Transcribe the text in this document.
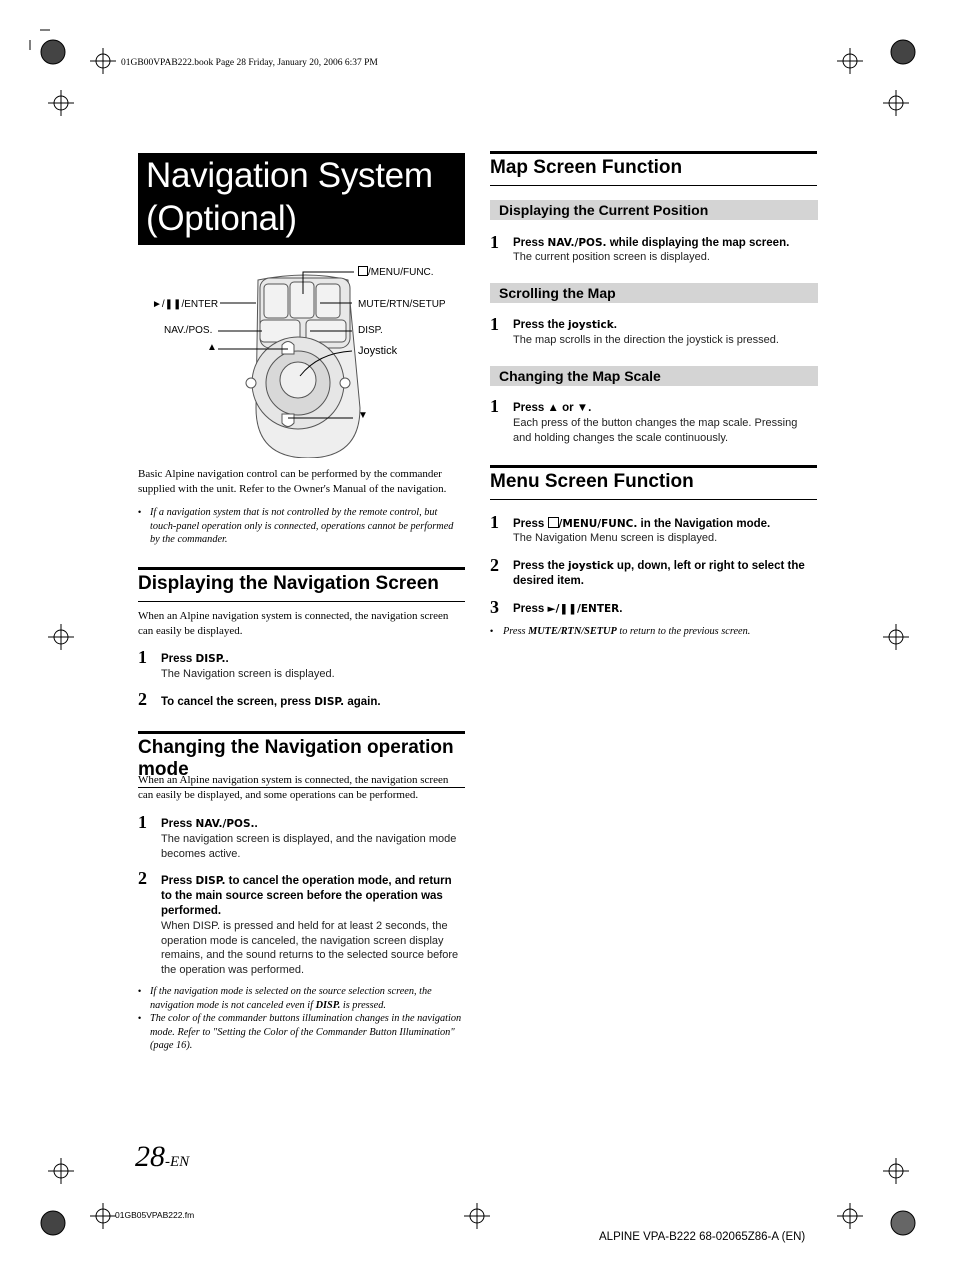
01GB00VPAB222.book Page 28 Friday, January 20, 2006 6:37 PM
Navigation System
(Optional)
/MENU/FUNC.
►/❚❚/ENTER	MUTE/RTN/SETUP
NAV./POS.	DISP.
▲	Joystick
▼
Basic Alpine navigation control can be performed by the commander supplied with the unit. Refer to the Owner's Manual of the navigation.
• If a navigation system that is not controlled by the remote control, but touch-panel operation only is connected, operations cannot be performed by the commander.
Displaying the Navigation Screen
When an Alpine navigation system is connected, the navigation screen can easily be displayed.
1 Press DISP..
The Navigation screen is displayed.
2 To cancel the screen, press DISP. again.
Changing the Navigation operation mode
When an Alpine navigation system is connected, the navigation screen can easily be displayed, and some operations can be performed.
1 Press NAV./POS..
The navigation screen is displayed, and the navigation mode becomes active.
2 Press DISP. to cancel the operation mode, and return to the main source screen before the operation was performed.
When DISP. is pressed and held for at least 2 seconds, the operation mode is canceled, the navigation screen display remains, and the sound returns to the selected source before the operation was performed.
• If the navigation mode is selected on the source selection screen, the navigation mode is not canceled even if DISP. is pressed.
• The color of the commander buttons illumination changes in the navigation mode. Refer to "Setting the Color of the Commander Button Illumination" (page 16).
Map Screen Function
Displaying the Current Position
1 Press NAV./POS. while displaying the map screen.
The current position screen is displayed.
Scrolling the Map
1 Press the joystick.
The map scrolls in the direction the joystick is pressed.
Changing the Map Scale
1 Press ▲ or ▼.
Each press of the button changes the map scale. Pressing and holding changes the scale continuously.
Menu Screen Function
1 Press /MENU/FUNC. in the Navigation mode.
The Navigation Menu screen is displayed.
2 Press the joystick up, down, left or right to select the desired item.
3 Press ►/❚❚/ENTER.
• Press MUTE/RTN/SETUP to return to the previous screen.
28-EN
01GB05VPAB222.fm
ALPINE VPA-B222 68-02065Z86-A (EN)
